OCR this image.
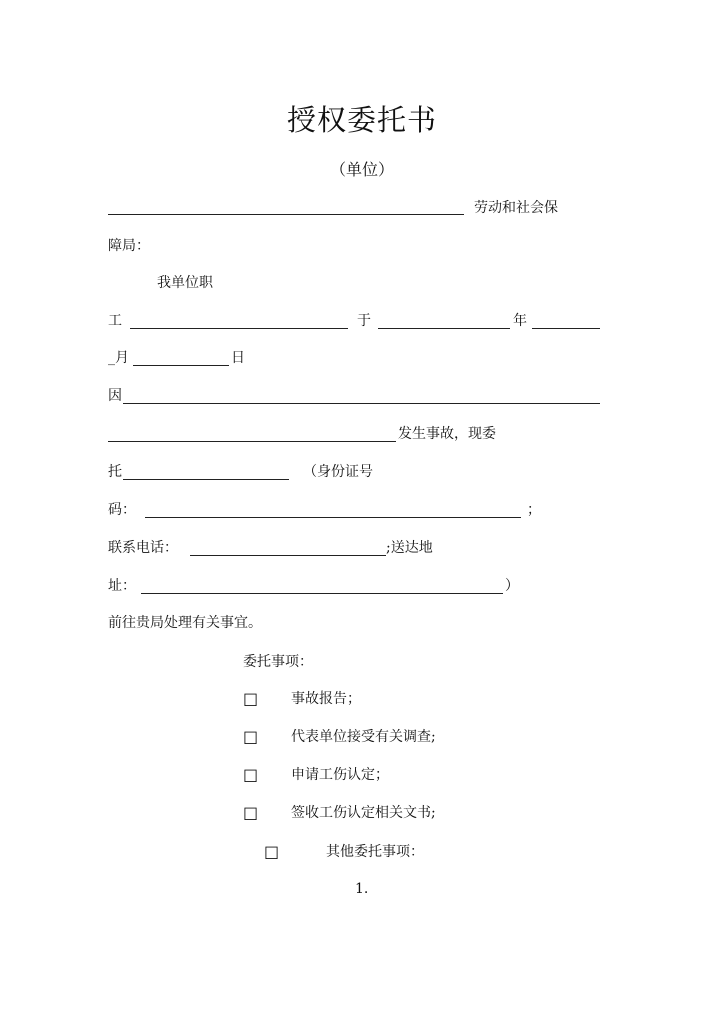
授权委托书
（单位）
劳动和社会保
障局：
我单位职
工	于	年
_月	日
因
发生事故，现委
托	（身份证号
码：	；
联系电话：	;送达地
址：	）
前往贵局处理有关事宜。
委托事项：
□ 事故报告；
□ 代表单位接受有关调查;
□ 申请工伤认定；
□ 签收工伤认定相关文书;
□	其他委托事项：
1.
